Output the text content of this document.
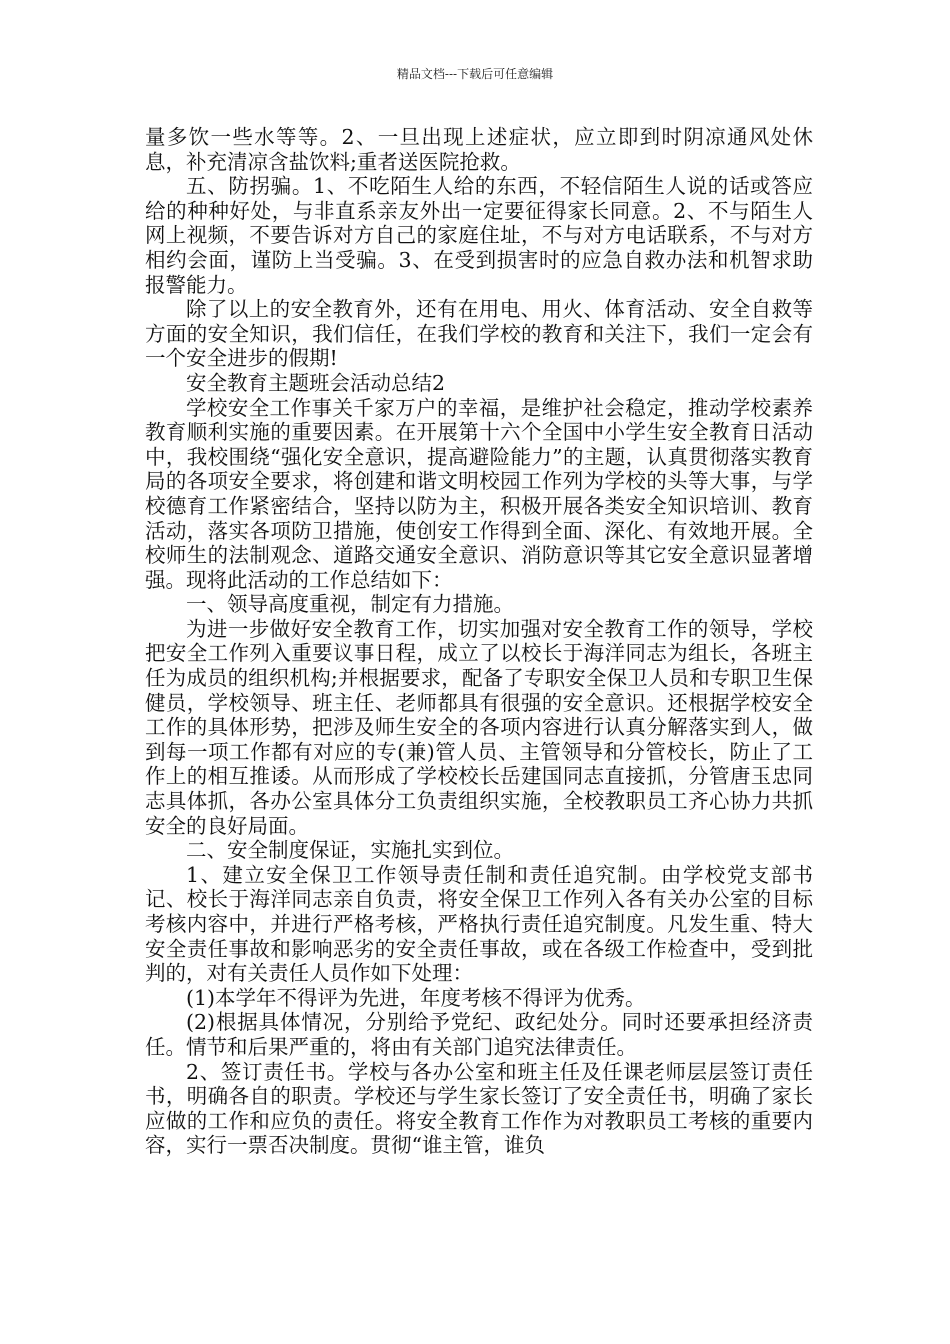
精品文档---下载后可任意编辑

量多饮一些水等等。2、一旦出现上述症状，应立即到时阴凉通风处休息，补充清凉含盐饮料;重者送医院抢救。

五、防拐骗。1、不吃陌生人给的东西，不轻信陌生人说的话或答应给的种种好处，与非直系亲友外出一定要征得家长同意。2、不与陌生人网上视频，不要告诉对方自己的家庭住址，不与对方电话联系，不与对方相约会面，谨防上当受骗。3、在受到损害时的应急自救办法和机智求助报警能力。

除了以上的安全教育外，还有在用电、用火、体育活动、安全自救等方面的安全知识，我们信任，在我们学校的教育和关注下，我们一定会有一个安全进步的假期!

安全教育主题班会活动总结2

学校安全工作事关千家万户的幸福，是维护社会稳定，推动学校素养教育顺利实施的重要因素。在开展第十六个全国中小学生安全教育日活动中，我校围绕“强化安全意识，提高避险能力”的主题，认真贯彻落实教育局的各项安全要求，将创建和谐文明校园工作列为学校的头等大事，与学校德育工作紧密结合，坚持以防为主，积极开展各类安全知识培训、教育活动，落实各项防卫措施，使创安工作得到全面、深化、有效地开展。全校师生的法制观念、道路交通安全意识、消防意识等其它安全意识显著增强。现将此活动的工作总结如下：

一、领导高度重视，制定有力措施。

为进一步做好安全教育工作，切实加强对安全教育工作的领导，学校把安全工作列入重要议事日程，成立了以校长于海洋同志为组长，各班主任为成员的组织机构;并根据要求，配备了专职安全保卫人员和专职卫生保健员，学校领导、班主任、老师都具有很强的安全意识。还根据学校安全工作的具体形势，把涉及师生安全的各项内容进行认真分解落实到人，做到每一项工作都有对应的专(兼)管人员、主管领导和分管校长，防止了工作上的相互推诿。从而形成了学校校长岳建国同志直接抓，分管唐玉忠同志具体抓，各办公室具体分工负责组织实施，全校教职员工齐心协力共抓安全的良好局面。

二、安全制度保证，实施扎实到位。

1、建立安全保卫工作领导责任制和责任追究制。由学校党支部书记、校长于海洋同志亲自负责，将安全保卫工作列入各有关办公室的目标考核内容中，并进行严格考核，严格执行责任追究制度。凡发生重、特大安全责任事故和影响恶劣的安全责任事故，或在各级工作检查中，受到批判的，对有关责任人员作如下处理：

(1)本学年不得评为先进，年度考核不得评为优秀。

(2)根据具体情况，分别给予党纪、政纪处分。同时还要承担经济责任。情节和后果严重的，将由有关部门追究法律责任。

2、签订责任书。学校与各办公室和班主任及任课老师层层签订责任书，明确各自的职责。学校还与学生家长签订了安全责任书，明确了家长应做的工作和应负的责任。将安全教育工作作为对教职员工考核的重要内容，实行一票否决制度。贯彻“谁主管，谁负
